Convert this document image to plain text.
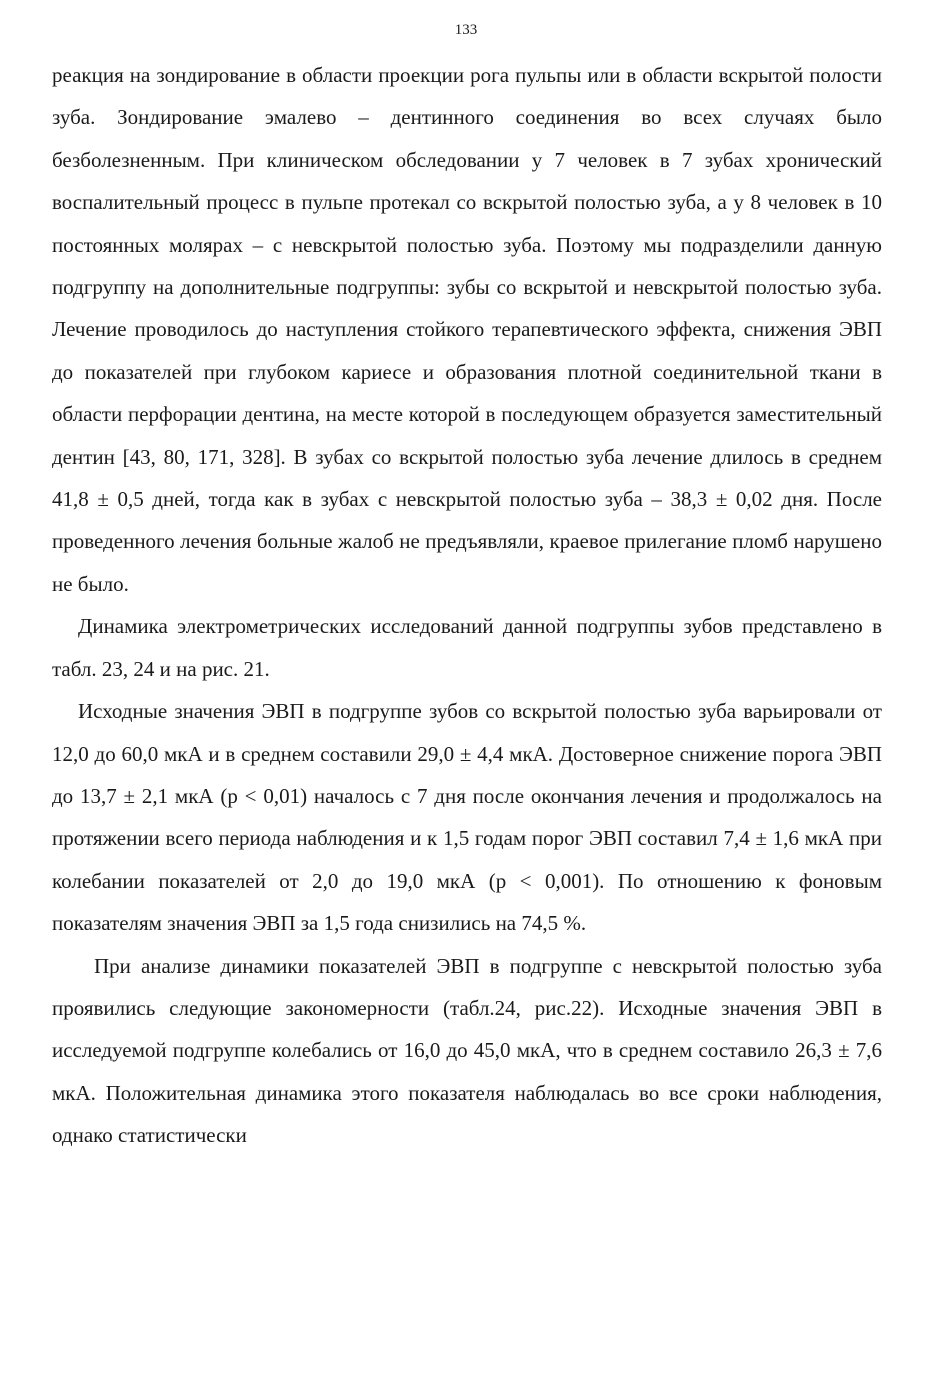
133

реакция на зондирование в области проекции рога пульпы или в области вскрытой полости зуба. Зондирование эмалево – дентинного соединения во всех случаях было безболезненным. При клиническом обследовании у 7 человек в 7 зубах хронический воспалительный процесс в пульпе протекал со вскрытой полостью зуба, а у 8 человек в 10 постоянных молярах – с невскрытой полостью зуба. Поэтому мы подразделили данную подгруппу на дополнительные подгруппы: зубы со вскрытой и невскрытой полостью зуба. Лечение проводилось до наступления стойкого терапевтического эффекта, снижения ЭВП до показателей при глубоком кариесе и образования плотной соединительной ткани в области перфорации дентина, на месте которой в последующем образуется заместительный дентин [43, 80, 171, 328]. В зубах со вскрытой полостью зуба лечение длилось в среднем 41,8 ± 0,5 дней, тогда как в зубах с невскрытой полостью зуба – 38,3 ± 0,02 дня. После проведенного лечения больные жалоб не предъявляли, краевое прилегание пломб нарушено не было.

Динамика электрометрических исследований данной подгруппы зубов представлено в табл. 23, 24 и на рис. 21.

Исходные значения ЭВП в подгруппе зубов со вскрытой полостью зуба варьировали от 12,0 до 60,0 мкА и в среднем составили 29,0 ± 4,4 мкА. Достоверное снижение порога ЭВП до 13,7 ± 2,1 мкА (р < 0,01) началось с 7 дня после окончания лечения и продолжалось на протяжении всего периода наблюдения и к 1,5 годам порог ЭВП составил 7,4 ± 1,6 мкА при колебании показателей от 2,0 до 19,0 мкА (р < 0,001). По отношению к фоновым показателям значения ЭВП за 1,5 года снизились на 74,5 %.

При анализе динамики показателей ЭВП в подгруппе с невскрытой полостью зуба проявились следующие закономерности (табл.24, рис.22). Исходные значения ЭВП в исследуемой подгруппе колебались от 16,0 до 45,0 мкА, что в среднем составило 26,3 ± 7,6 мкА. Положительная динамика этого показателя наблюдалась во все сроки наблюдения, однако статистически
